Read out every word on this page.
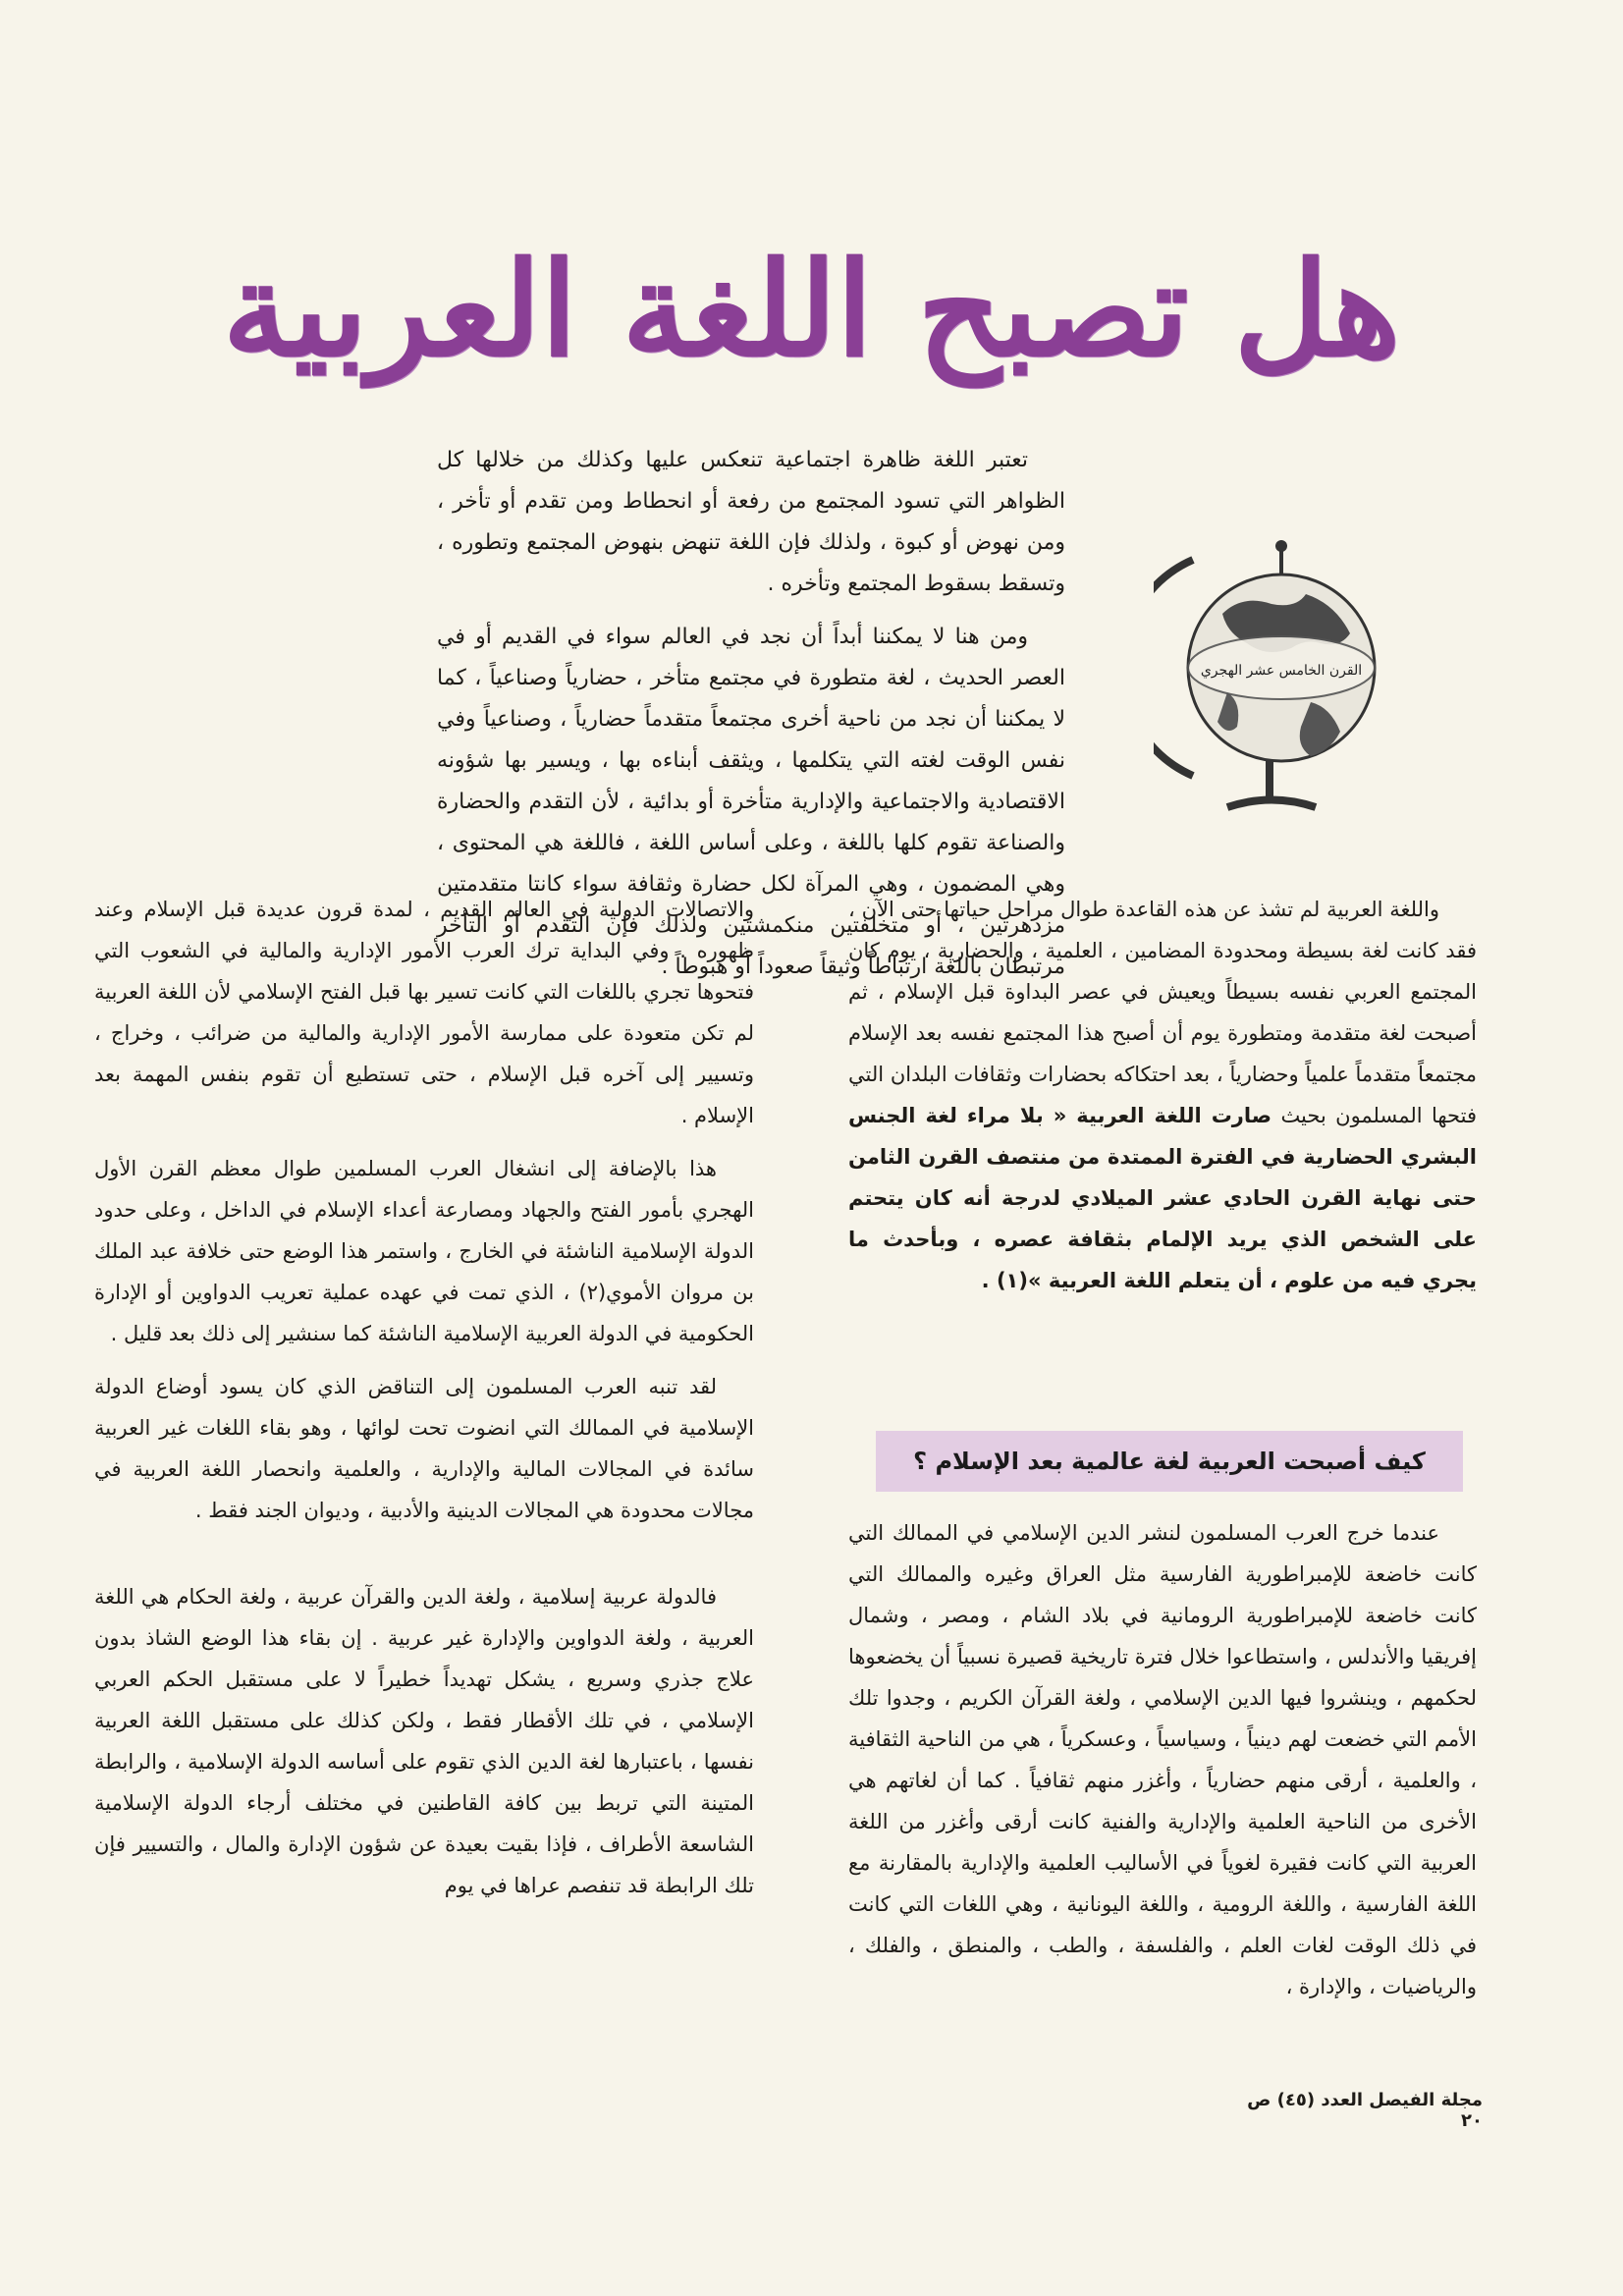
هل تصبح اللغة العربية

تعتبر اللغة ظاهرة اجتماعية تنعكس عليها وكذلك من خلالها كل الظواهر التي تسود المجتمع من رفعة أو انحطاط ومن تقدم أو تأخر ، ومن نهوض أو كبوة ، ولذلك فإن اللغة تنهض بنهوض المجتمع وتطوره ، وتسقط بسقوط المجتمع وتأخره .

ومن هنا لا يمكننا أبداً أن نجد في العالم سواء في القديم أو في العصر الحديث ، لغة متطورة في مجتمع متأخر ، حضارياً وصناعياً ، كما لا يمكننا أن نجد من ناحية أخرى مجتمعاً متقدماً حضارياً ، وصناعياً وفي نفس الوقت لغته التي يتكلمها ، ويثقف أبناءه بها ، ويسير بها شؤونه الاقتصادية والاجتماعية والإدارية متأخرة أو بدائية ، لأن التقدم والحضارة والصناعة تقوم كلها باللغة ، وعلى أساس اللغة ، فاللغة هي المحتوى ، وهي المضمون ، وهي المرآة لكل حضارة وثقافة سواء كانتا متقدمتين مزدهرتين ، أو متخلفتين منكمشتين ولذلك فإن التقدم أو التأخر مرتبطان باللغة ارتباطاً وثيقاً صعوداً أو هبوطاً .

القرن الخامس عشر الهجري

واللغة العربية لم تشذ عن هذه القاعدة طوال مراحل حياتها حتى الآن ، فقد كانت لغة بسيطة ومحدودة المضامين ، العلمية ، والحضارية ، يوم كان المجتمع العربي نفسه بسيطاً ويعيش في عصر البداوة قبل الإسلام ، ثم أصبحت لغة متقدمة ومتطورة يوم أن أصبح هذا المجتمع نفسه بعد الإسلام مجتمعاً متقدماً علمياً وحضارياً ، بعد احتكاكه بحضارات وثقافات البلدان التي فتحها المسلمون بحيث صارت اللغة العربية « بلا مراء لغة الجنس البشري الحضارية في الفترة الممتدة من منتصف القرن الثامن حتى نهاية القرن الحادي عشر الميلادي لدرجة أنه كان يتحتم على الشخص الذي يريد الإلمام بثقافة عصره ، وبأحدث ما يجري فيه من علوم ، أن يتعلم اللغة العربية »(١) .

كيف أصبحت العربية لغة عالمية بعد الإسلام ؟

عندما خرج العرب المسلمون لنشر الدين الإسلامي في الممالك التي كانت خاضعة للإمبراطورية الفارسية مثل العراق وغيره والممالك التي كانت خاضعة للإمبراطورية الرومانية في بلاد الشام ، ومصر ، وشمال إفريقيا والأندلس ، واستطاعوا خلال فترة تاريخية قصيرة نسبياً أن يخضعوها لحكمهم ، وينشروا فيها الدين الإسلامي ، ولغة القرآن الكريم ، وجدوا تلك الأمم التي خضعت لهم دينياً ، وسياسياً ، وعسكرياً ، هي من الناحية الثقافية ، والعلمية ، أرقى منهم حضارياً ، وأغزر منهم ثقافياً . كما أن لغاتهم هي الأخرى من الناحية العلمية والإدارية والفنية كانت أرقى وأغزر من اللغة العربية التي كانت فقيرة لغوياً في الأساليب العلمية والإدارية بالمقارنة مع اللغة الفارسية ، واللغة الرومية ، واللغة اليونانية ، وهي اللغات التي كانت في ذلك الوقت لغات العلم ، والفلسفة ، والطب ، والمنطق ، والفلك ، والرياضيات ، والإدارة ،

والاتصالات الدولية في العالم القديم ، لمدة قرون عديدة قبل الإسلام وعند ظهوره . وفي البداية ترك العرب الأمور الإدارية والمالية في الشعوب التي فتحوها تجري باللغات التي كانت تسير بها قبل الفتح الإسلامي لأن اللغة العربية لم تكن متعودة على ممارسة الأمور الإدارية والمالية من ضرائب ، وخراج ، وتسيير إلى آخره قبل الإسلام ، حتى تستطيع أن تقوم بنفس المهمة بعد الإسلام .

هذا بالإضافة إلى انشغال العرب المسلمين طوال معظم القرن الأول الهجري بأمور الفتح والجهاد ومصارعة أعداء الإسلام في الداخل ، وعلى حدود الدولة الإسلامية الناشئة في الخارج ، واستمر هذا الوضع حتى خلافة عبد الملك بن مروان الأموي(٢) ، الذي تمت في عهده عملية تعريب الدواوين أو الإدارة الحكومية في الدولة العربية الإسلامية الناشئة كما سنشير إلى ذلك بعد قليل .

لقد تنبه العرب المسلمون إلى التناقض الذي كان يسود أوضاع الدولة الإسلامية في الممالك التي انضوت تحت لوائها ، وهو بقاء اللغات غير العربية سائدة في المجالات المالية والإدارية ، والعلمية وانحصار اللغة العربية في مجالات محدودة هي المجالات الدينية والأدبية ، وديوان الجند فقط .

فالدولة عربية إسلامية ، ولغة الدين والقرآن عربية ، ولغة الحكام هي اللغة العربية ، ولغة الدواوين والإدارة غير عربية . إن بقاء هذا الوضع الشاذ بدون علاج جذري وسريع ، يشكل تهديداً خطيراً لا على مستقبل الحكم العربي الإسلامي ، في تلك الأقطار فقط ، ولكن كذلك على مستقبل اللغة العربية نفسها ، باعتبارها لغة الدين الذي تقوم على أساسه الدولة الإسلامية ، والرابطة المتينة التي تربط بين كافة القاطنين في مختلف أرجاء الدولة الإسلامية الشاسعة الأطراف ، فإذا بقيت بعيدة عن شؤون الإدارة والمال ، والتسيير فإن تلك الرابطة قد تنفصم عراها في يوم

مجلة الفيصل العدد (٤٥) ص ٢٠
